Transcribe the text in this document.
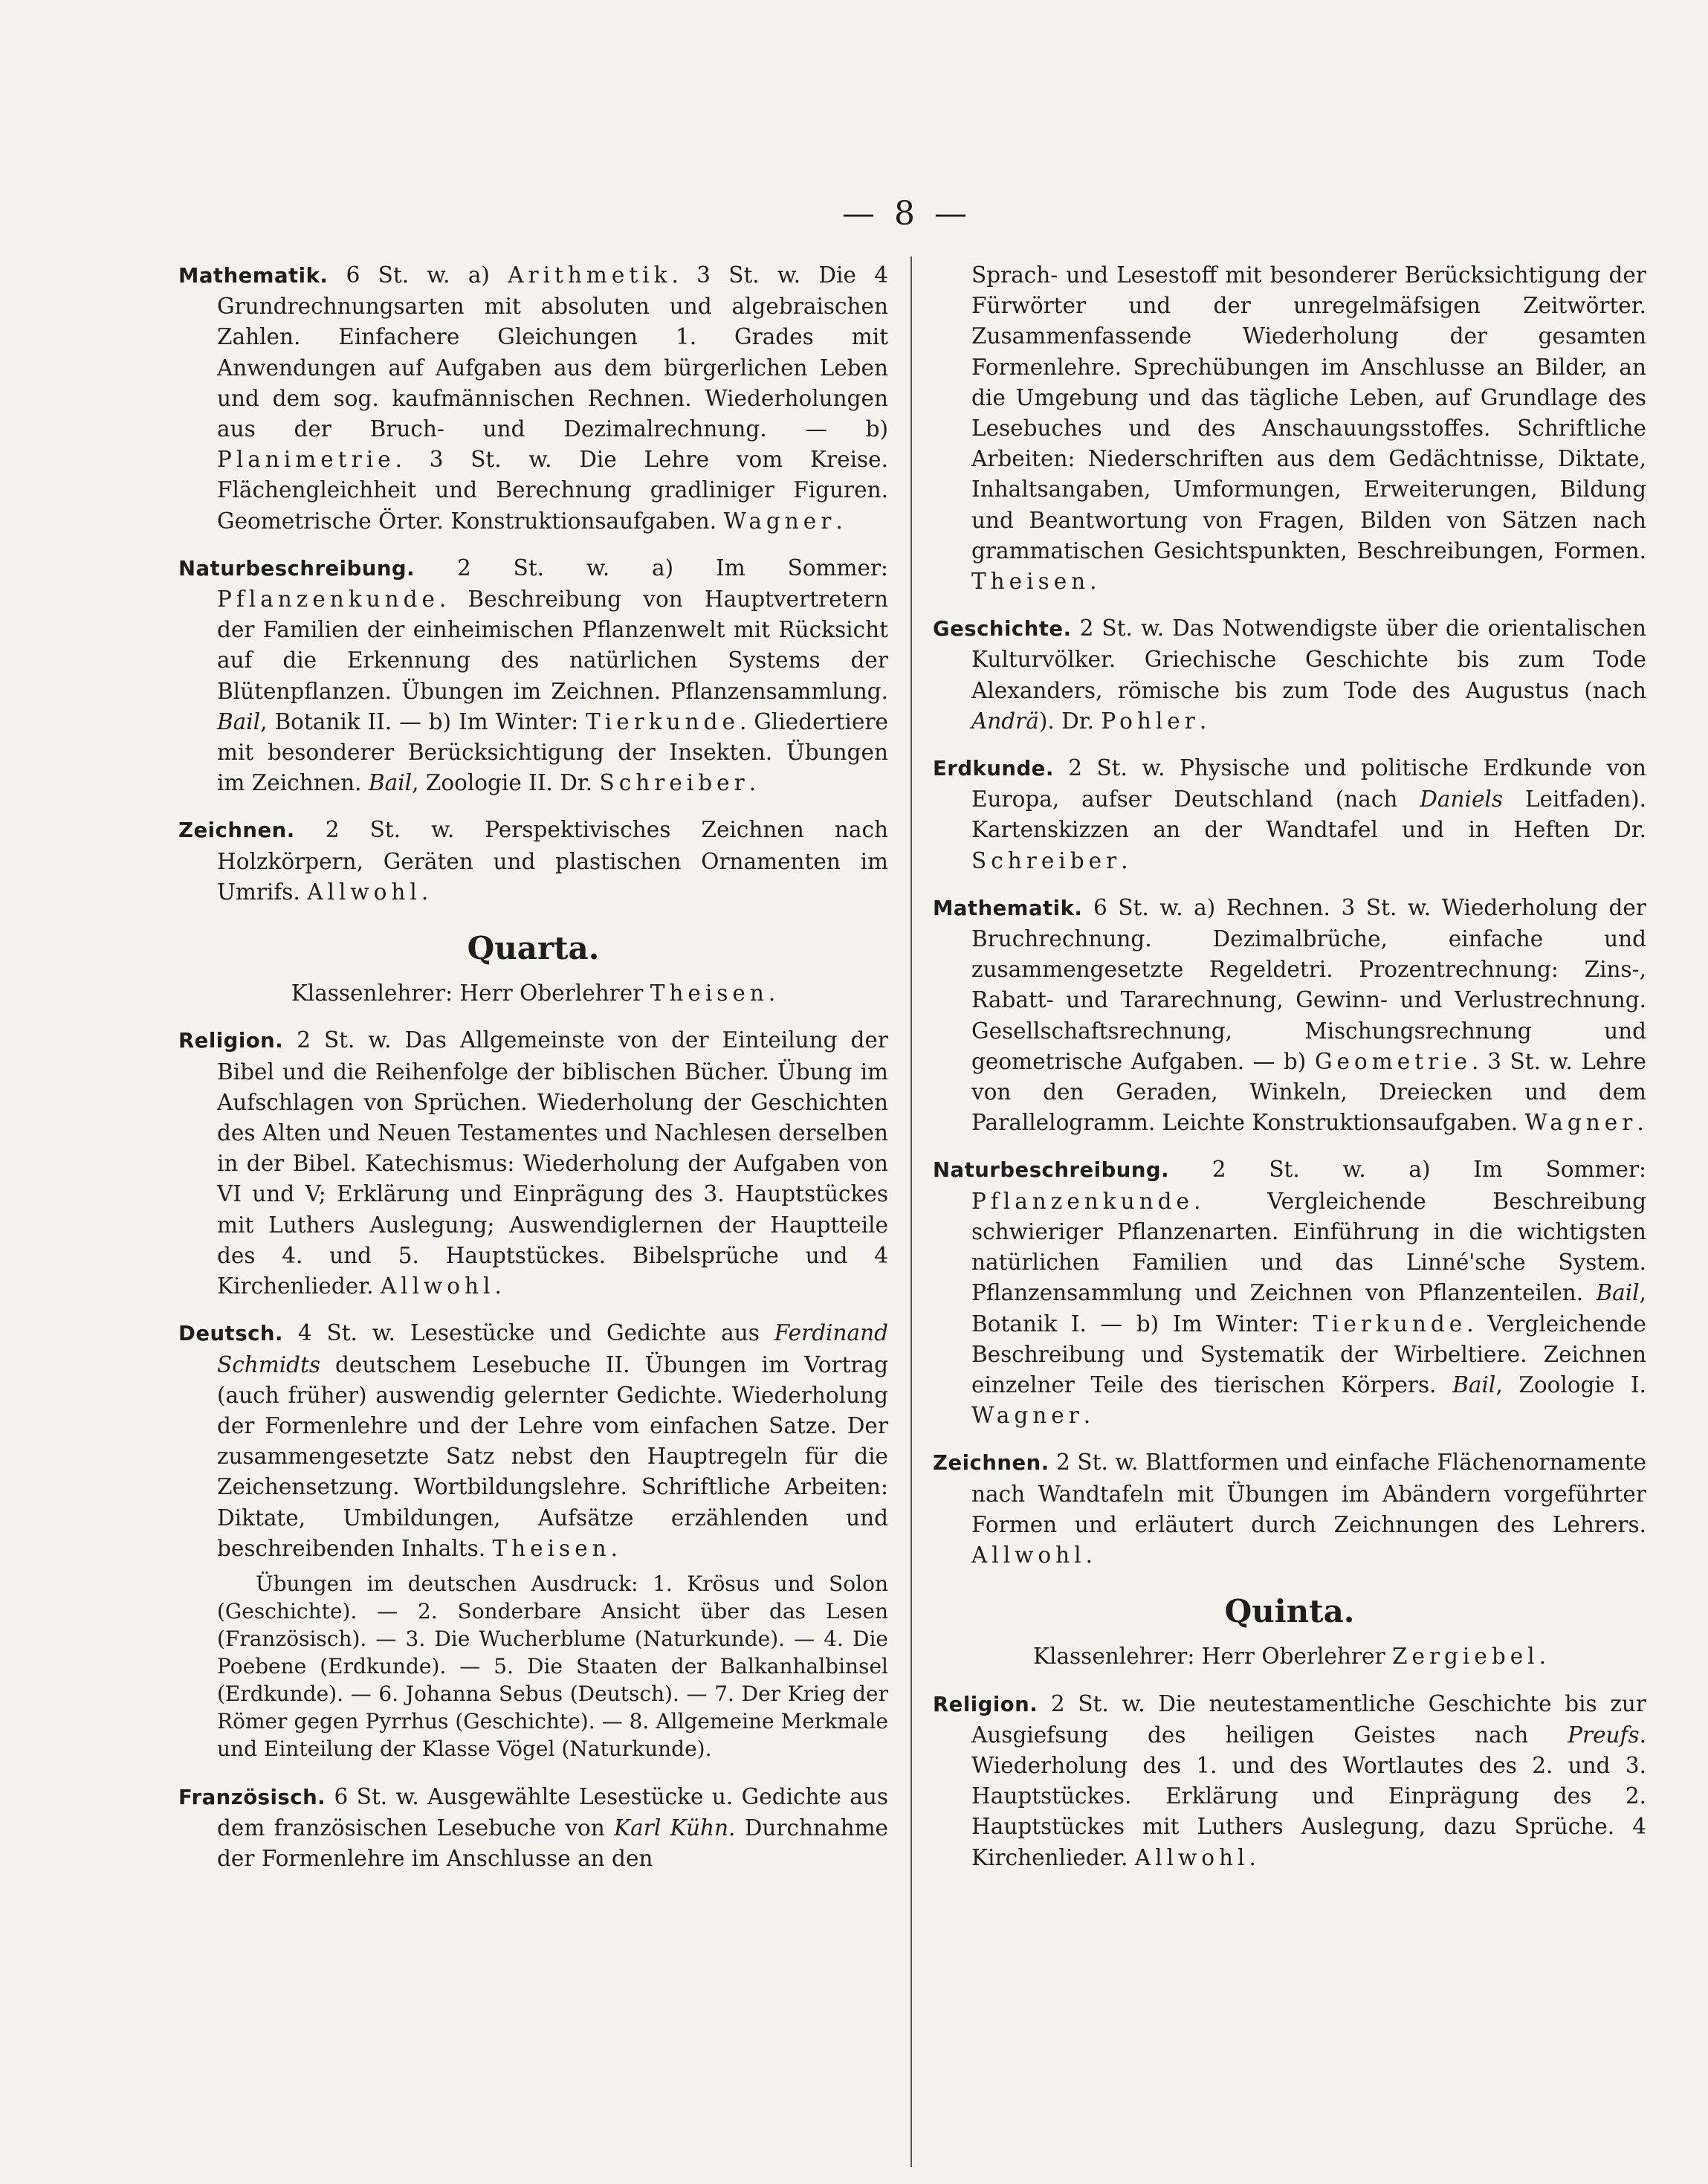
— 8 —

Mathematik. 6 St. w. a) Arithmetik. 3 St. w. Die 4 Grundrechnungsarten mit absoluten und algebraischen Zahlen. Einfachere Gleichungen 1. Grades mit Anwendungen auf Aufgaben aus dem bürgerlichen Leben und dem sog. kaufmännischen Rechnen. Wiederholungen aus der Bruch- und Dezimalrechnung. — b) Planimetrie. 3 St. w. Die Lehre vom Kreise. Flächengleichheit und Berechnung gradliniger Figuren. Geometrische Örter. Konstruktionsaufgaben. Wagner.

Naturbeschreibung. 2 St. w. a) Im Sommer: Pflanzenkunde. Beschreibung von Hauptvertretern der Familien der einheimischen Pflanzenwelt mit Rücksicht auf die Erkennung des natürlichen Systems der Blütenpflanzen. Übungen im Zeichnen. Pflanzensammlung. Bail, Botanik II. — b) Im Winter: Tierkunde. Gliedertiere mit besonderer Berücksichtigung der Insekten. Übungen im Zeichnen. Bail, Zoologie II. Dr. Schreiber.

Zeichnen. 2 St. w. Perspektivisches Zeichnen nach Holzkörpern, Geräten und plastischen Ornamenten im Umrifs. Allwohl.

Quarta.
Klassenlehrer: Herr Oberlehrer Theisen.

Religion. 2 St. w. Das Allgemeinste von der Einteilung der Bibel und die Reihenfolge der biblischen Bücher. Übung im Aufschlagen von Sprüchen. Wiederholung der Geschichten des Alten und Neuen Testamentes und Nachlesen derselben in der Bibel. Katechismus: Wiederholung der Aufgaben von VI und V; Erklärung und Einprägung des 3. Hauptstückes mit Luthers Auslegung; Auswendiglernen der Hauptteile des 4. und 5. Hauptstückes. Bibelsprüche und 4 Kirchenlieder. Allwohl.

Deutsch. 4 St. w. Lesestücke und Gedichte aus Ferdinand Schmidts deutschem Lesebuche II. Übungen im Vortrag (auch früher) auswendig gelernter Gedichte. Wiederholung der Formenlehre und der Lehre vom einfachen Satze. Der zusammengesetzte Satz nebst den Hauptregeln für die Zeichensetzung. Wortbildungslehre. Schriftliche Arbeiten: Diktate, Umbildungen, Aufsätze erzählenden und beschreibenden Inhalts. Theisen.

Übungen im deutschen Ausdruck: 1. Krösus und Solon (Geschichte). — 2. Sonderbare Ansicht über das Lesen (Französisch). — 3. Die Wucherblume (Naturkunde). — 4. Die Poebene (Erdkunde). — 5. Die Staaten der Balkanhalbinsel (Erdkunde). — 6. Johanna Sebus (Deutsch). — 7. Der Krieg der Römer gegen Pyrrhus (Geschichte). — 8. Allgemeine Merkmale und Einteilung der Klasse Vögel (Naturkunde).

Französisch. 6 St. w. Ausgewählte Lesestücke u. Gedichte aus dem französischen Lesebuche von Karl Kühn. Durchnahme der Formenlehre im Anschlusse an den

Sprach- und Lesestoff mit besonderer Berücksichtigung der Fürwörter und der unregelmäfsigen Zeitwörter. Zusammenfassende Wiederholung der gesamten Formenlehre. Sprechübungen im Anschlusse an Bilder, an die Umgebung und das tägliche Leben, auf Grundlage des Lesebuches und des Anschauungsstoffes. Schriftliche Arbeiten: Niederschriften aus dem Gedächtnisse, Diktate, Inhaltsangaben, Umformungen, Erweiterungen, Bildung und Beantwortung von Fragen, Bilden von Sätzen nach grammatischen Gesichtspunkten, Beschreibungen, Formen. Theisen.

Geschichte. 2 St. w. Das Notwendigste über die orientalischen Kulturvölker. Griechische Geschichte bis zum Tode Alexanders, römische bis zum Tode des Augustus (nach Andrä). Dr. Pohler.

Erdkunde. 2 St. w. Physische und politische Erdkunde von Europa, aufser Deutschland (nach Daniels Leitfaden). Kartenskizzen an der Wandtafel und in Heften Dr. Schreiber.

Mathematik. 6 St. w. a) Rechnen. 3 St. w. Wiederholung der Bruchrechnung. Dezimalbrüche, einfache und zusammengesetzte Regeldetri. Prozentrechnung: Zins-, Rabatt- und Tararechnung, Gewinn- und Verlustrechnung. Gesellschaftsrechnung, Mischungsrechnung und geometrische Aufgaben. — b) Geometrie. 3 St. w. Lehre von den Geraden, Winkeln, Dreiecken und dem Parallelogramm. Leichte Konstruktionsaufgaben. Wagner.

Naturbeschreibung. 2 St. w. a) Im Sommer: Pflanzenkunde. Vergleichende Beschreibung schwieriger Pflanzenarten. Einführung in die wichtigsten natürlichen Familien und das Linné'sche System. Pflanzensammlung und Zeichnen von Pflanzenteilen. Bail, Botanik I. — b) Im Winter: Tierkunde. Vergleichende Beschreibung und Systematik der Wirbeltiere. Zeichnen einzelner Teile des tierischen Körpers. Bail, Zoologie I. Wagner.

Zeichnen. 2 St. w. Blattformen und einfache Flächenornamente nach Wandtafeln mit Übungen im Abändern vorgeführter Formen und erläutert durch Zeichnungen des Lehrers. Allwohl.

Quinta.
Klassenlehrer: Herr Oberlehrer Zergiebel.

Religion. 2 St. w. Die neutestamentliche Geschichte bis zur Ausgiefsung des heiligen Geistes nach Preufs. Wiederholung des 1. und des Wortlautes des 2. und 3. Hauptstückes. Erklärung und Einprägung des 2. Hauptstückes mit Luthers Auslegung, dazu Sprüche. 4 Kirchenlieder. Allwohl.
